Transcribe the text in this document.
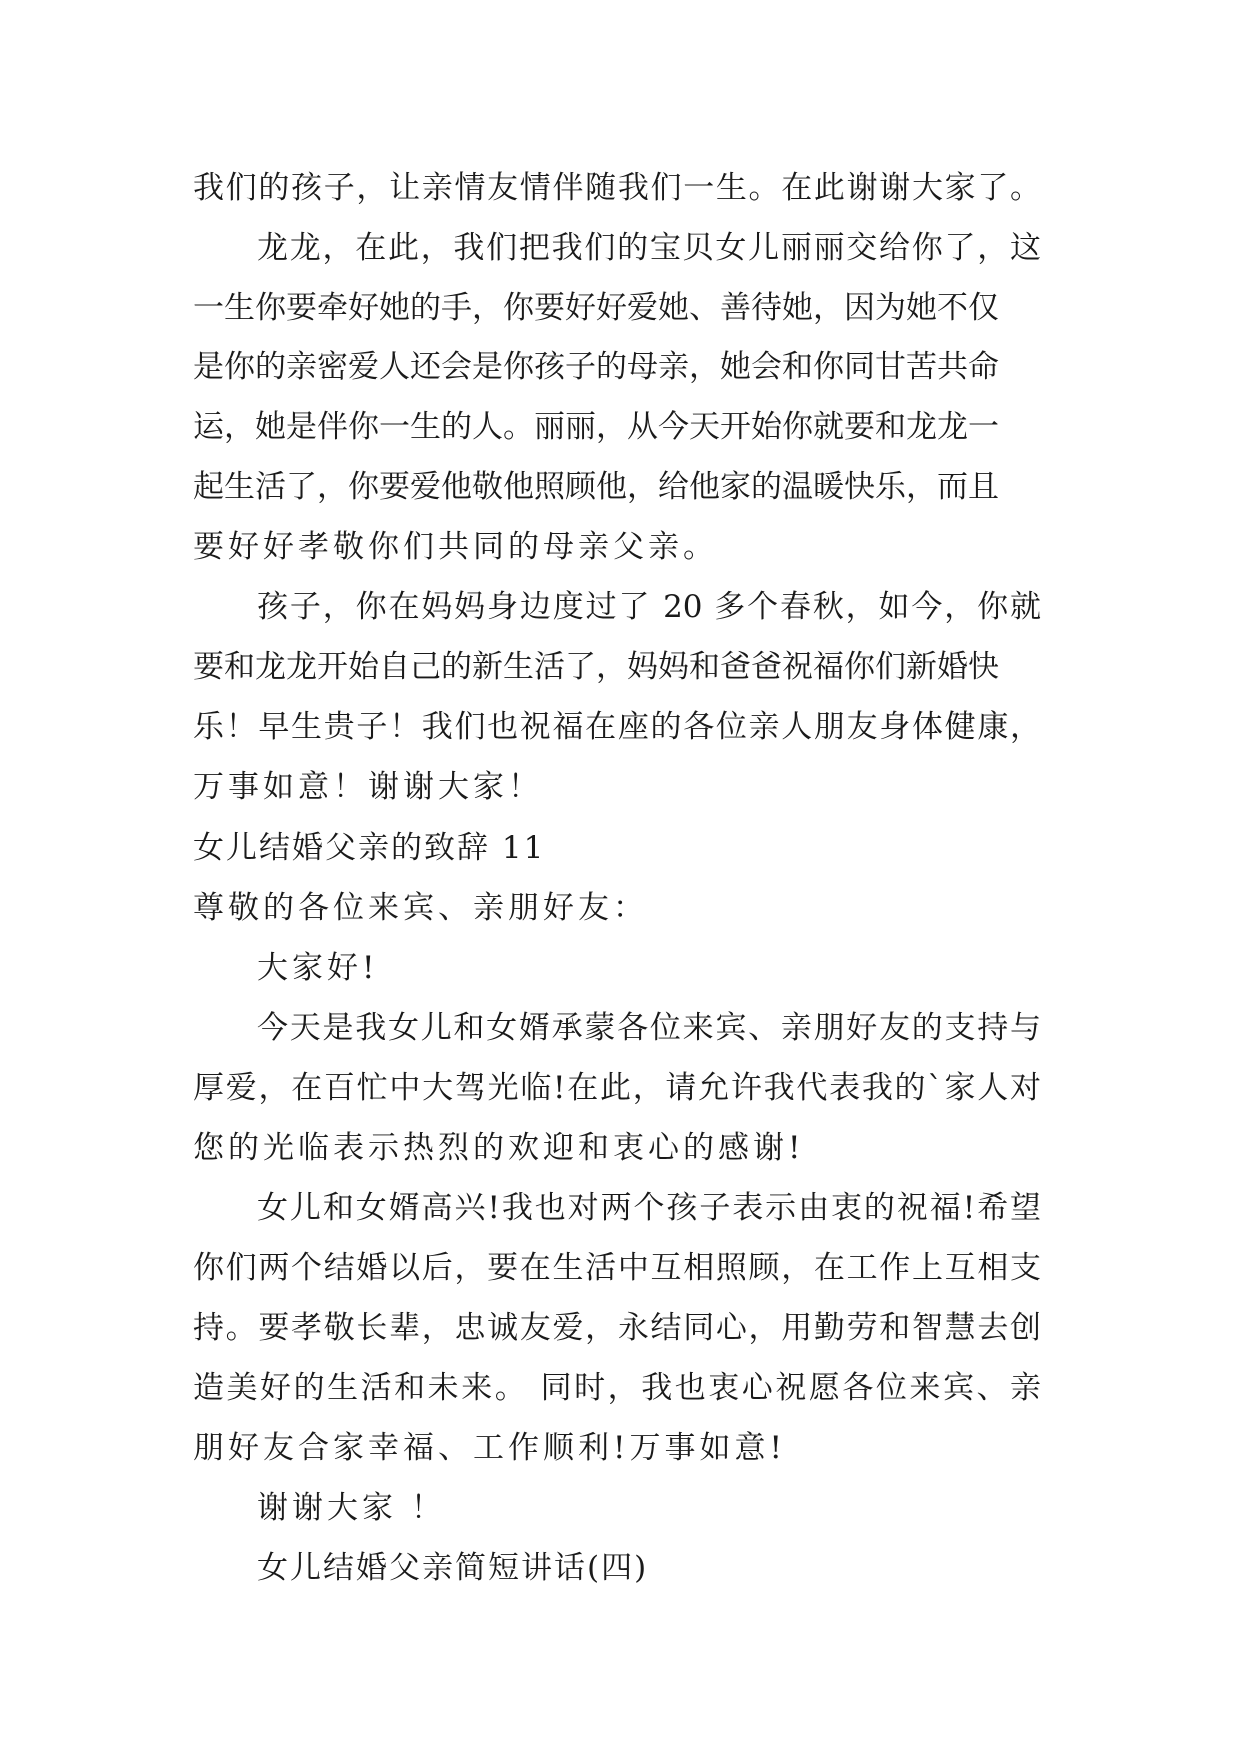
我们的孩子，让亲情友情伴随我们一生。在此谢谢大家了。
龙龙，在此，我们把我们的宝贝女儿丽丽交给你了，这
一生你要牵好她的手，你要好好爱她、善待她，因为她不仅
是你的亲密爱人还会是你孩子的母亲，她会和你同甘苦共命
运，她是伴你一生的人。丽丽，从今天开始你就要和龙龙一
起生活了，你要爱他敬他照顾他，给他家的温暖快乐，而且
要好好孝敬你们共同的母亲父亲。
孩子，你在妈妈身边度过了 20 多个春秋，如今，你就
要和龙龙开始自己的新生活了，妈妈和爸爸祝福你们新婚快
乐！早生贵子！我们也祝福在座的各位亲人朋友身体健康，
万事如意！谢谢大家！
女儿结婚父亲的致辞 11
尊敬的各位来宾、亲朋好友：
大家好!
今天是我女儿和女婿承蒙各位来宾、亲朋好友的支持与
厚爱，在百忙中大驾光临!在此，请允许我代表我的`家人对
您的光临表示热烈的欢迎和衷心的感谢!
女儿和女婿高兴!我也对两个孩子表示由衷的祝福!希望
你们两个结婚以后，要在生活中互相照顾，在工作上互相支
持。要孝敬长辈，忠诚友爱，永结同心，用勤劳和智慧去创
造美好的生活和未来。 同时，我也衷心祝愿各位来宾、亲
朋好友合家幸福、工作顺利!万事如意!
谢谢大家 ！
女儿结婚父亲简短讲话(四)
